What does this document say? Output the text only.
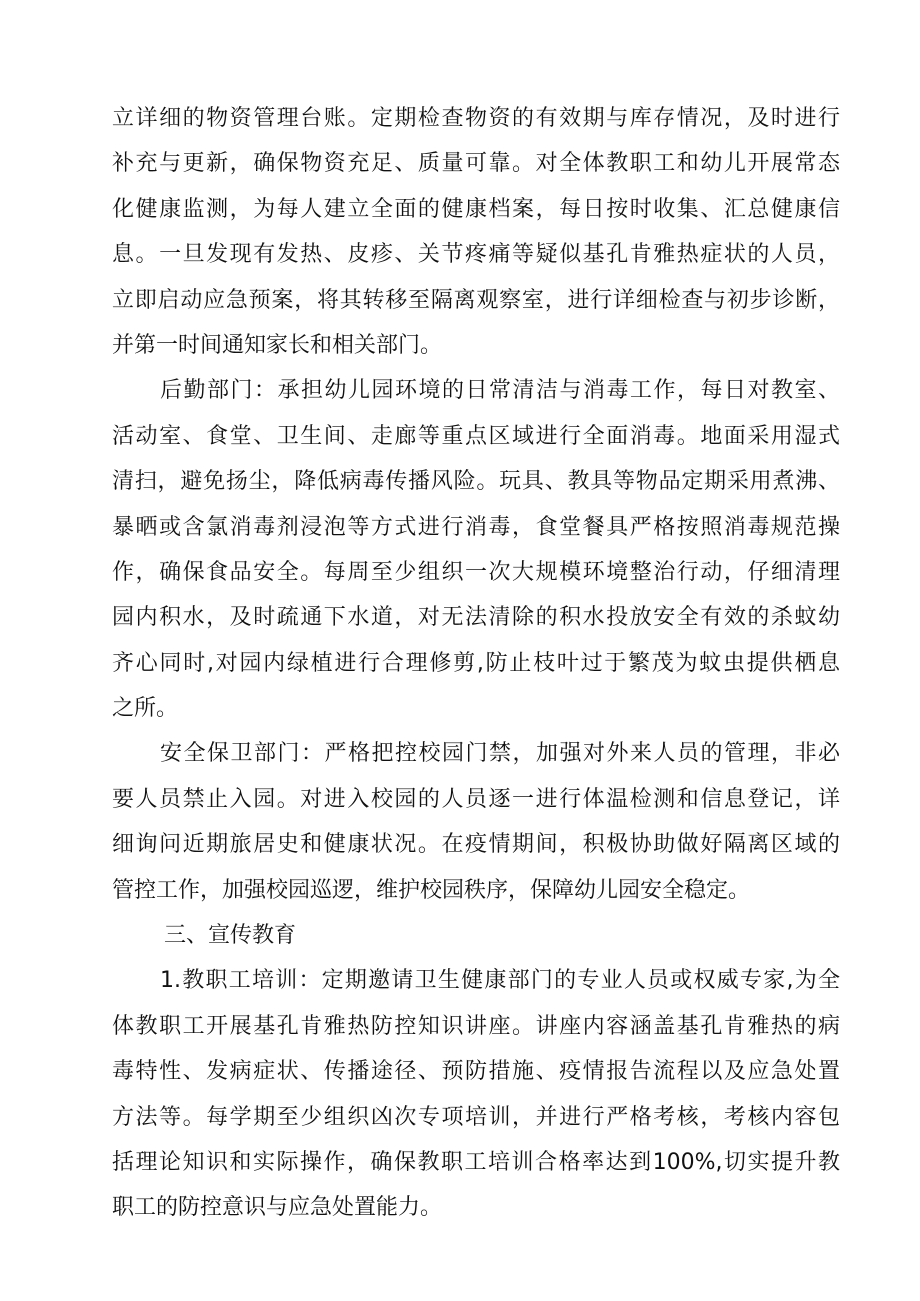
立详细的物资管理台账。定期检查物资的有效期与库存情况，及时进行
补充与更新，确保物资充足、质量可靠。对全体教职工和幼儿开展常态
化健康监测，为每人建立全面的健康档案，每日按时收集、汇总健康信
息。一旦发现有发热、皮疹、关节疼痛等疑似基孔肯雅热症状的人员，
立即启动应急预案，将其转移至隔离观察室，进行详细检查与初步诊断，
并第一时间通知家长和相关部门。
后勤部门：承担幼儿园环境的日常清洁与消毒工作，每日对教室、
活动室、食堂、卫生间、走廊等重点区域进行全面消毒。地面采用湿式
清扫，避免扬尘，降低病毒传播风险。玩具、教具等物品定期采用煮沸、
暴晒或含氯消毒剂浸泡等方式进行消毒，食堂餐具严格按照消毒规范操
作，确保食品安全。每周至少组织一次大规模环境整治行动，仔细清理
园内积水，及时疏通下水道，对无法清除的积水投放安全有效的杀蚊幼
齐心同时,对园内绿植进行合理修剪,防止枝叶过于繁茂为蚊虫提供栖息
之所。
安全保卫部门：严格把控校园门禁，加强对外来人员的管理，非必
要人员禁止入园。对进入校园的人员逐一进行体温检测和信息登记，详
细询问近期旅居史和健康状况。在疫情期间，积极协助做好隔离区域的
管控工作，加强校园巡逻，维护校园秩序，保障幼儿园安全稳定。
三、宣传教育
1.教职工培训：定期邀请卫生健康部门的专业人员或权威专家,为全
体教职工开展基孔肯雅热防控知识讲座。讲座内容涵盖基孔肯雅热的病
毒特性、发病症状、传播途径、预防措施、疫情报告流程以及应急处置
方法等。每学期至少组织凶次专项培训，并进行严格考核，考核内容包
括理论知识和实际操作，确保教职工培训合格率达到100%,切实提升教
职工的防控意识与应急处置能力。
